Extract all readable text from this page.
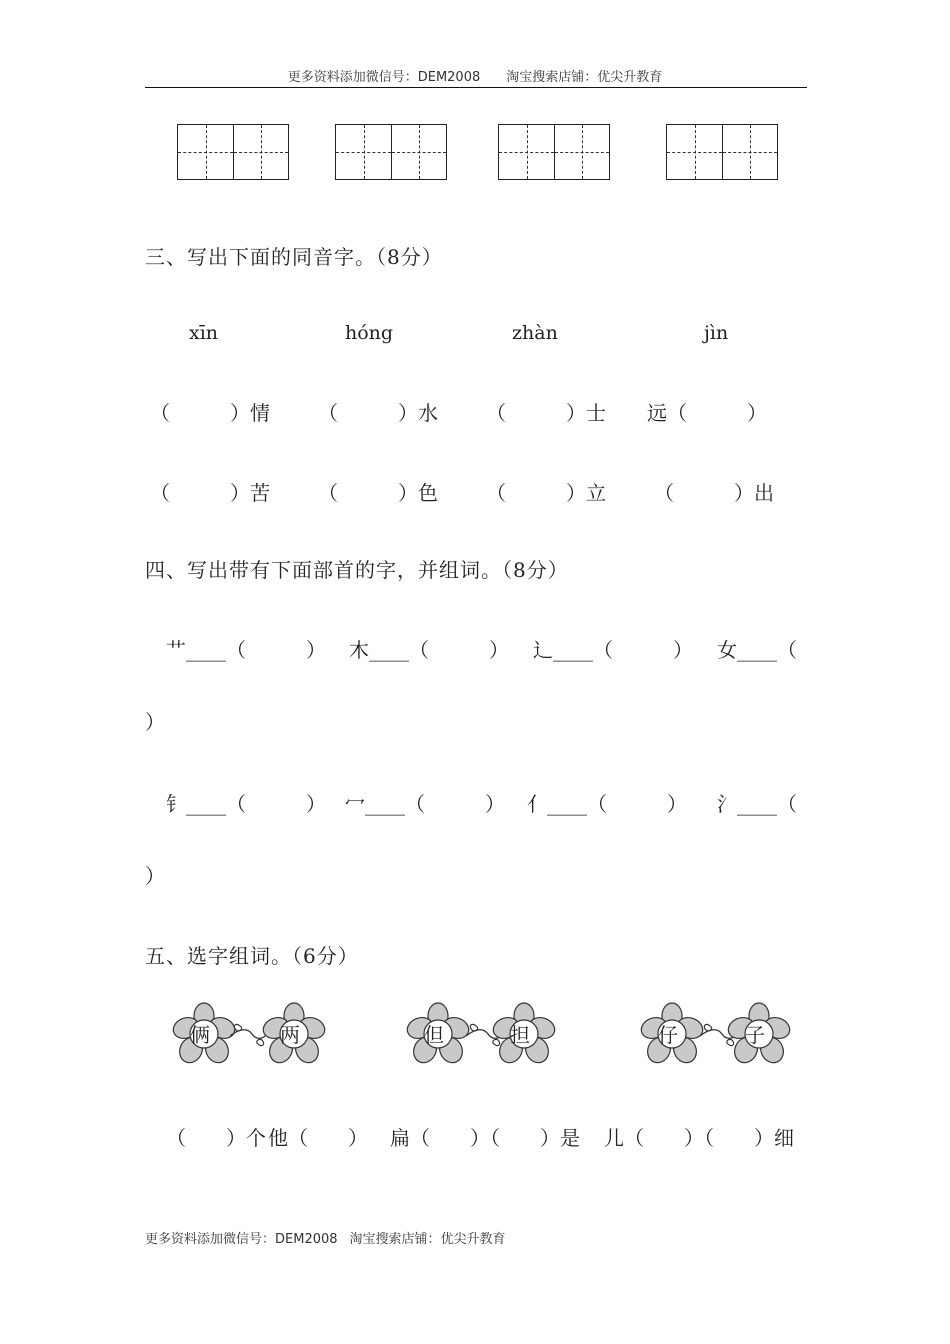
更多资料添加微信号：DEM2008 淘宝搜索店铺：优尖升教育
三、写出下面的同音字。（8分）
xīn	hóng	zhàn	jìn
（　　　）情 （　　　）水 （　　　）士 远（　　　）
（　　　）苦 （　　　）色 （　　　）立 （　　　）出
四、写出带有下面部首的字，并组词。（8分）
艹____（　　　） 木____（　　　） 辶____（　　　） 女____（
）
钅____（　　　） 冖____（　　　） 亻____（　　　） 氵____（
）
五、选字组词。（6分）
俩	两	但	担	仔	子
（　　）个 他（　　） 扁（　　）（　　）是 儿（　　）（　　）细
更多资料添加微信号：DEM2008 淘宝搜索店铺：优尖升教育
